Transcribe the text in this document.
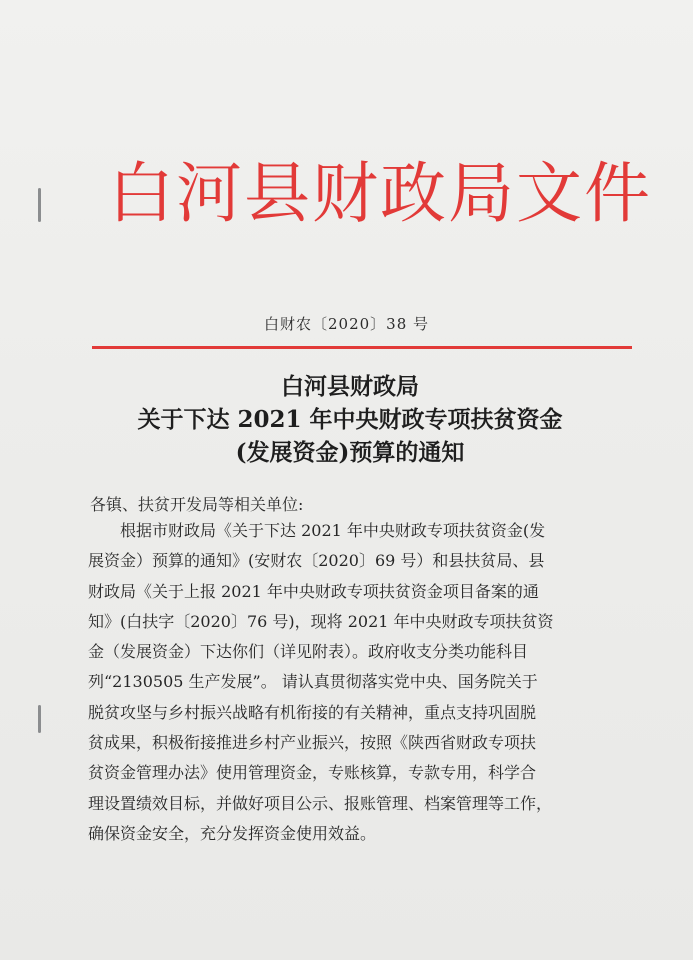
白河县财政局文件
白财农〔2020〕38 号
白河县财政局
关于下达 2021 年中央财政专项扶贫资金
(发展资金)预算的通知
各镇、扶贫开发局等相关单位:
根据市财政局《关于下达 2021 年中央财政专项扶贫资金(发
展资金）预算的通知》(安财农〔2020〕69 号）和县扶贫局、县
财政局《关于上报 2021 年中央财政专项扶贫资金项目备案的通
知》(白扶字〔2020〕76 号)，现将 2021 年中央财政专项扶贫资
金（发展资金）下达你们（详见附表）。政府收支分类功能科目
列“2130505 生产发展”。 请认真贯彻落实党中央、国务院关于
脱贫攻坚与乡村振兴战略有机衔接的有关精神，重点支持巩固脱
贫成果，积极衔接推进乡村产业振兴，按照《陕西省财政专项扶
贫资金管理办法》使用管理资金，专账核算，专款专用，科学合
理设置绩效目标，并做好项目公示、报账管理、档案管理等工作，
确保资金安全，充分发挥资金使用效益。
